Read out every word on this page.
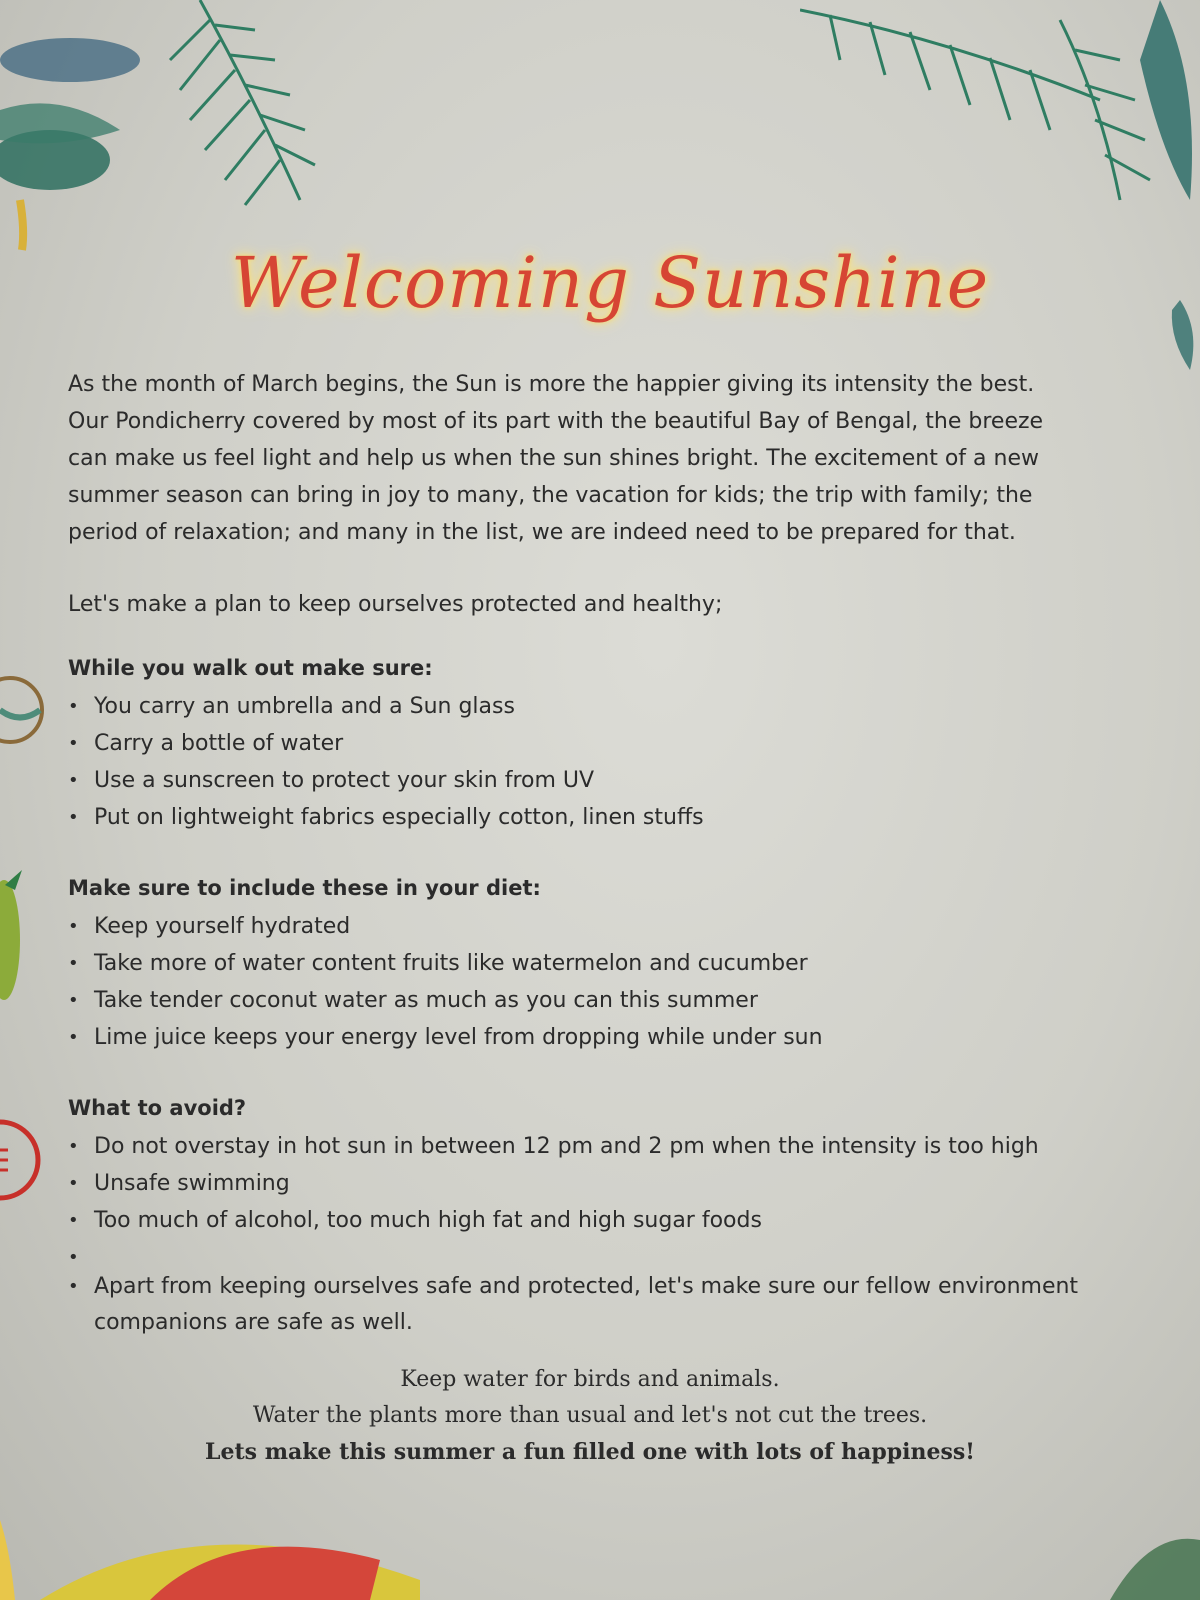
Welcoming Sunshine

As the month of March begins, the Sun is more the happier giving its intensity the best.
Our Pondicherry covered by most of its part with the beautiful Bay of Bengal, the breeze
can make us feel light and help us when the sun shines bright. The excitement of a new
summer season can bring in joy to many, the vacation for kids; the trip with family; the
period of relaxation; and many in the list, we are indeed need to be prepared for that.

Let's make a plan to keep ourselves protected and healthy;

While you walk out make sure:
• You carry an umbrella and a Sun glass
• Carry a bottle of water
• Use a sunscreen to protect your skin from UV
• Put on lightweight fabrics especially cotton, linen stuffs
Make sure to include these in your diet:
• Keep yourself hydrated
• Take more of water content fruits like watermelon and cucumber
• Take tender coconut water as much as you can this summer
• Lime juice keeps your energy level from dropping while under sun
What to avoid?
• Do not overstay in hot sun in between 12 pm and 2 pm when the intensity is too high
• Unsafe swimming
• Too much of alcohol, too much high fat and high sugar foods
•
• Apart from keeping ourselves safe and protected, let's make sure our fellow environment companions are safe as well.

Keep water for birds and animals.

Water the plants more than usual and let's not cut the trees.

Lets make this summer a fun filled one with lots of happiness!
